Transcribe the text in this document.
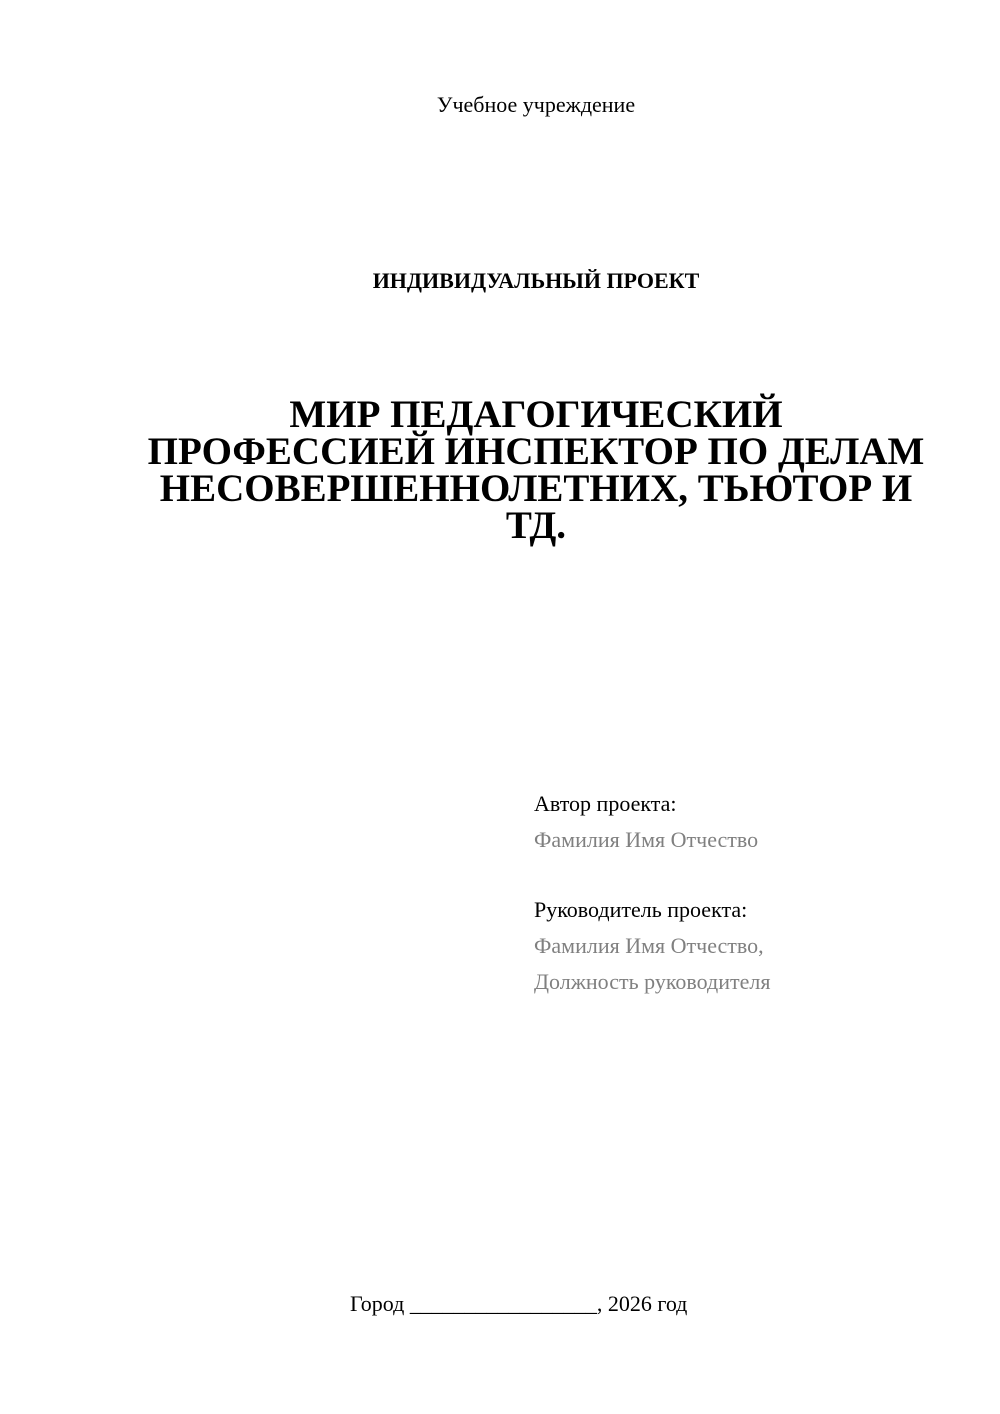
Учебное учреждение
ИНДИВИДУАЛЬНЫЙ ПРОЕКТ
МИР ПЕДАГОГИЧЕСКИЙ
ПРОФЕССИЕЙ ИНСПЕКТОР ПО ДЕЛАМ
НЕСОВЕРШЕННОЛЕТНИХ, ТЬЮТОР И
ТД.
Автор проекта:
Фамилия Имя Отчество
Руководитель проекта:
Фамилия Имя Отчество,
Должность руководителя
Город _________________, 2026 год
